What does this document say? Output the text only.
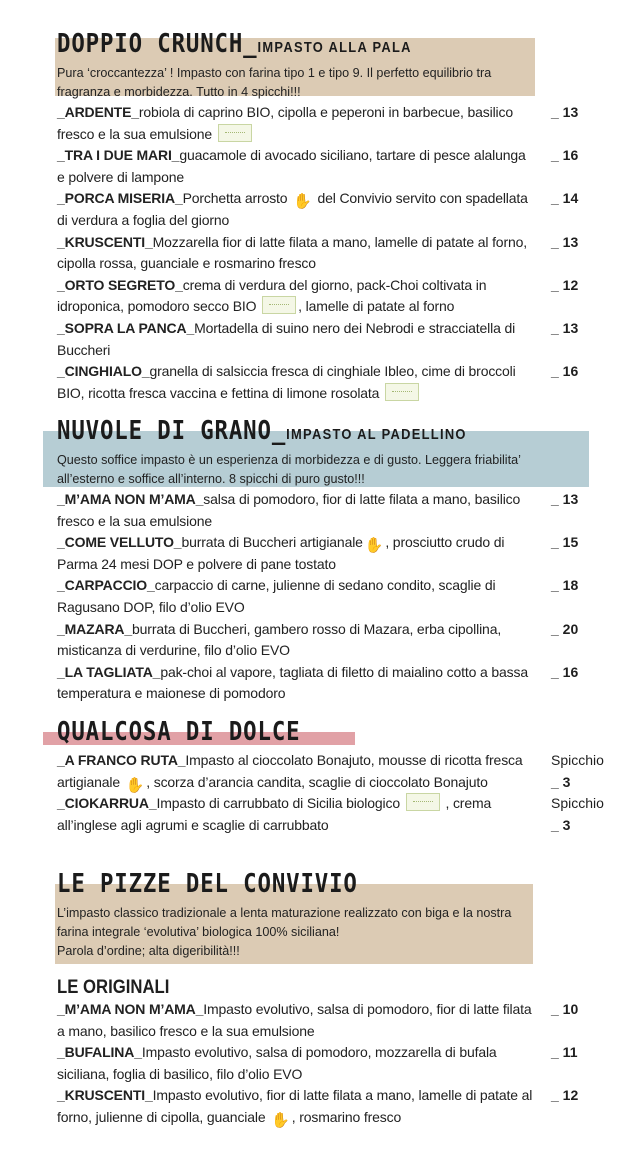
DOPPIO CRUNCH_IMPASTO ALLA PALA
Pura ‘croccantezza’ ! Impasto con farina tipo 1 e tipo 9. Il perfetto equilibrio tra fragranza e morbidezza. Tutto in 4 spicchi!!!
_ARDENTE_robiola di caprino BIO, cipolla e peperoni in barbecue, basilico fresco e la sua emulsione
_ 13
_TRA I DUE MARI_guacamole di avocado siciliano, tartare di pesce alalunga e polvere di lampone
_ 16
_PORCA MISERIA_Porchetta arrosto ✋ del Convivio servito con spadellata di verdura a foglia del giorno
_ 14
_KRUSCENTI_Mozzarella fior di latte filata a mano, lamelle di patate al forno, cipolla rossa, guanciale e rosmarino fresco
_ 13
_ORTO SEGRETO_crema di verdura del giorno, pack-Choi coltivata in idroponica, pomodoro secco BIO	, lamelle di patate al forno
_ 12
_SOPRA LA PANCA_Mortadella di suino nero dei Nebrodi e stracciatella di Buccheri
_ 13
_CINGHIALO_granella di salsiccia fresca di cinghiale Ibleo, cime di broccoli BIO, ricotta fresca vaccina e fettina di limone rosolata
_ 16
NUVOLE DI GRANO_IMPASTO AL PADELLINO
Questo soffice impasto è un esperienza di morbidezza e di gusto. Leggera friabilita’ all’esterno e soffice all’interno. 8 spicchi di puro gusto!!!
_M’AMA NON M’AMA_salsa di pomodoro, fior di latte filata a mano, basilico fresco e la sua emulsione
_ 13
_COME VELLUTO_burrata di Buccheri artigianale ✋ , prosciutto crudo di Parma 24 mesi DOP e polvere di pane tostato
_ 15
_CARPACCIO_carpaccio di carne, julienne di sedano condito, scaglie di Ragusano DOP, filo d’olio EVO
_ 18
_MAZARA_burrata di Buccheri, gambero rosso di Mazara, erba cipollina, misticanza di verdurine, filo d’olio EVO
_ 20
_LA TAGLIATA_pak-choi al vapore, tagliata di filetto di maialino cotto a bassa temperatura e maionese di pomodoro
_ 16
QUALCOSA DI DOLCE
_A FRANCO RUTA_Impasto al cioccolato Bonajuto, mousse di ricotta fresca artigianale ✋ , scorza d’arancia candita, scaglie di cioccolato Bonajuto
Spicchio
_ 3
_CIOKARRUA_Impasto di carrubbato di Sicilia biologico	, crema all’inglese agli agrumi e scaglie di carrubbato
Spicchio
_ 3
LE PIZZE DEL CONVIVIO
L’impasto classico tradizionale a lenta maturazione realizzato con biga e la nostra farina integrale ‘evolutiva’ biologica 100% siciliana!
Parola d’ordine; alta digeribilità!!!
LE ORIGINALI
_M’AMA NON M’AMA_Impasto evolutivo, salsa di pomodoro, fior di latte filata a mano, basilico fresco e la sua emulsione
_ 10
_BUFALINA_Impasto evolutivo, salsa di pomodoro, mozzarella di bufala siciliana, foglia di basilico, filo d’olio EVO
_ 11
_KRUSCENTI_Impasto evolutivo, fior di latte filata a mano, lamelle di patate al forno, julienne di cipolla, guanciale ✋ , rosmarino fresco
_ 12
